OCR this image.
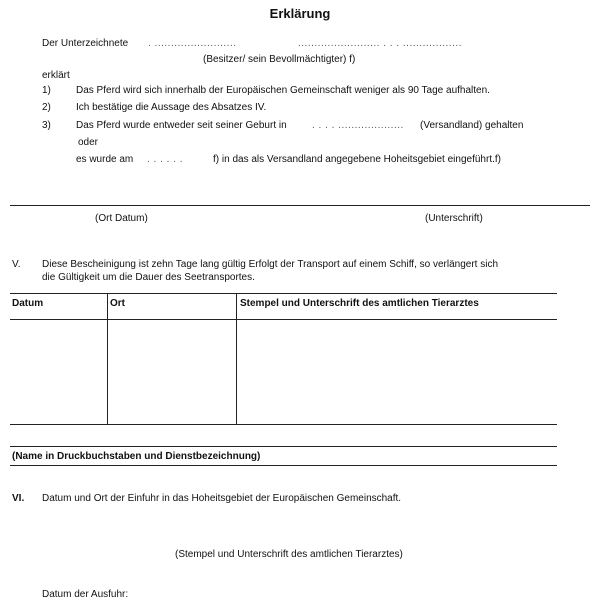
Erklärung
Der Unterzeichnete . .........................	......................... . . . ..................
(Besitzer/ sein Bevollmächtigter) f)
erklärt
1)	Das Pferd wird sich innerhalb der Europäischen Gemeinschaft weniger als 90 Tage aufhalten.
2)	Ich bestätige die Aussage des Absatzes IV.
3)	Das Pferd wurde entweder seit seiner Geburt in	. . . . .................... (Versandland) gehalten
oder
es wurde am . . . . . .	f) in das als Versandland angegebene Hoheitsgebiet eingeführt.f)
(Ort Datum)	(Unterschrift)
V. Diese Bescheinigung ist zehn Tage lang gültig Erfolgt der Transport auf einem Schiff, so verlängert sich
die Gültigkeit um die Dauer des Seetransportes.
Datum	Ort	Stempel und Unterschrift des amtlichen Tierarztes
(Name in Druckbuchstaben und Dienstbezeichnung)
VI. Datum und Ort der Einfuhr in das Hoheitsgebiet der Europäischen Gemeinschaft.
(Stempel und Unterschrift des amtlichen Tierarztes)
Datum der Ausfuhr:
